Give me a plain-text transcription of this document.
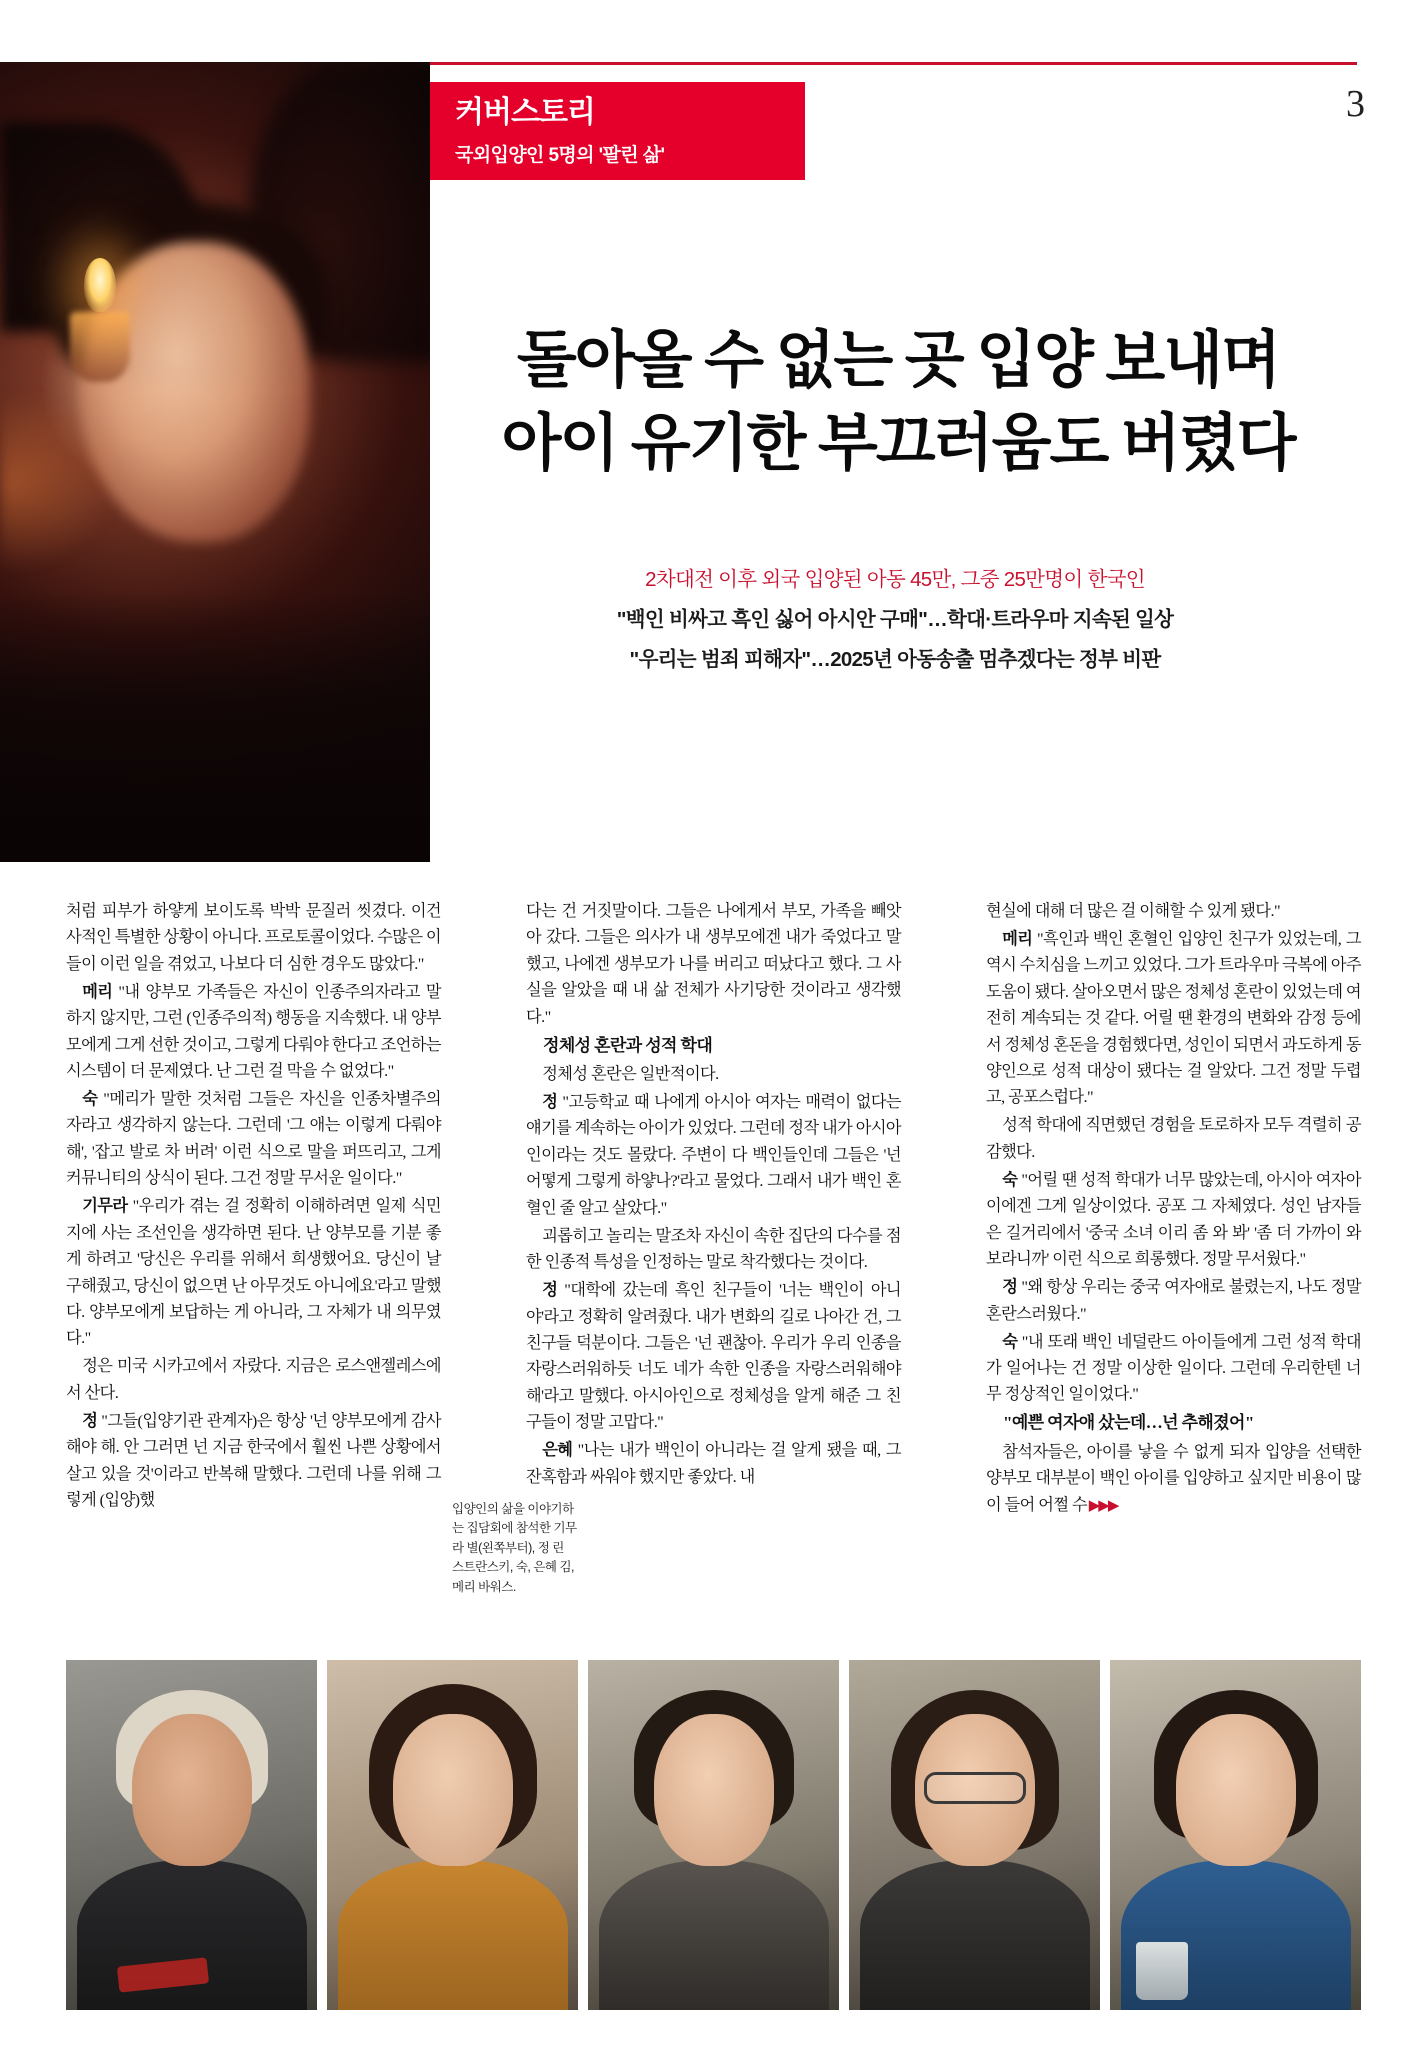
커버스토리
국외입양인 5명의 '팔린 삶'
3
돌아올 수 없는 곳 입양 보내며
아이 유기한 부끄러움도 버렸다
2차대전 이후 외국 입양된 아동 45만, 그중 25만명이 한국인
"백인 비싸고 흑인 싫어 아시안 구매"…학대·트라우마 지속된 일상
"우리는 범죄 피해자"…2025년 아동송출 멈추겠다는 정부 비판

처럼 피부가 하얗게 보이도록 박박 문질러 씻겼다. 이건 사적인 특별한 상황이 아니다. 프로토콜이었다. 수많은 이들이 이런 일을 겪었고, 나보다 더 심한 경우도 많았다."

메리 "내 양부모 가족들은 자신이 인종주의자라고 말하지 않지만, 그런 (인종주의적) 행동을 지속했다. 내 양부모에게 그게 선한 것이고, 그렇게 다뤄야 한다고 조언하는 시스템이 더 문제였다. 난 그런 걸 막을 수 없었다."

숙 "메리가 말한 것처럼 그들은 자신을 인종차별주의자라고 생각하지 않는다. 그런데 '그 애는 이렇게 다뤄야 해', '잡고 발로 차 버려' 이런 식으로 말을 퍼뜨리고, 그게 커뮤니티의 상식이 된다. 그건 정말 무서운 일이다."

기무라 "우리가 겪는 걸 정확히 이해하려면 일제 식민지에 사는 조선인을 생각하면 된다. 난 양부모를 기분 좋게 하려고 '당신은 우리를 위해서 희생했어요. 당신이 날 구해줬고, 당신이 없으면 난 아무것도 아니에요'라고 말했다. 양부모에게 보답하는 게 아니라, 그 자체가 내 의무였다."

정은 미국 시카고에서 자랐다. 지금은 로스앤젤레스에서 산다.

정 "그들(입양기관 관계자)은 항상 '넌 양부모에게 감사해야 해. 안 그러면 넌 지금 한국에서 훨씬 나쁜 상황에서 살고 있을 것'이라고 반복해 말했다. 그런데 나를 위해 그렇게 (입양)했

다는 건 거짓말이다. 그들은 나에게서 부모, 가족을 빼앗아 갔다. 그들은 의사가 내 생부모에겐 내가 죽었다고 말했고, 나에겐 생부모가 나를 버리고 떠났다고 했다. 그 사실을 알았을 때 내 삶 전체가 사기당한 것이라고 생각했다."

정체성 혼란과 성적 학대

정체성 혼란은 일반적이다.

정 "고등학교 때 나에게 아시아 여자는 매력이 없다는 얘기를 계속하는 아이가 있었다. 그런데 정작 내가 아시아인이라는 것도 몰랐다. 주변이 다 백인들인데 그들은 '넌 어떻게 그렇게 하얗나?'라고 물었다. 그래서 내가 백인 혼혈인 줄 알고 살았다."

괴롭히고 놀리는 말조차 자신이 속한 집단의 다수를 점한 인종적 특성을 인정하는 말로 착각했다는 것이다.

정 "대학에 갔는데 흑인 친구들이 '너는 백인이 아니야'라고 정확히 알려줬다. 내가 변화의 길로 나아간 건, 그 친구들 덕분이다. 그들은 '넌 괜찮아. 우리가 우리 인종을 자랑스러워하듯 너도 네가 속한 인종을 자랑스러워해야 해'라고 말했다. 아시아인으로 정체성을 알게 해준 그 친구들이 정말 고맙다."

은혜 "나는 내가 백인이 아니라는 걸 알게 됐을 때, 그 잔혹함과 싸워야 했지만 좋았다. 내

현실에 대해 더 많은 걸 이해할 수 있게 됐다."

메리 "흑인과 백인 혼혈인 입양인 친구가 있었는데, 그 역시 수치심을 느끼고 있었다. 그가 트라우마 극복에 아주 도움이 됐다. 살아오면서 많은 정체성 혼란이 있었는데 여전히 계속되는 것 같다. 어릴 땐 환경의 변화와 감정 등에서 정체성 혼돈을 경험했다면, 성인이 되면서 과도하게 동양인으로 성적 대상이 됐다는 걸 알았다. 그건 정말 두렵고, 공포스럽다."

성적 학대에 직면했던 경험을 토로하자 모두 격렬히 공감했다.

숙 "어릴 땐 성적 학대가 너무 많았는데, 아시아 여자아이에겐 그게 일상이었다. 공포 그 자체였다. 성인 남자들은 길거리에서 '중국 소녀 이리 좀 와 봐' '좀 더 가까이 와 보라니까' 이런 식으로 희롱했다. 정말 무서웠다."

정 "왜 항상 우리는 중국 여자애로 불렸는지, 나도 정말 혼란스러웠다."

숙 "내 또래 백인 네덜란드 아이들에게 그런 성적 학대가 일어나는 건 정말 이상한 일이다. 그런데 우리한텐 너무 정상적인 일이었다."

"예쁜 여자애 샀는데…넌 추해졌어"

참석자들은, 아이를 낳을 수 없게 되자 입양을 선택한 양부모 대부분이 백인 아이를 입양하고 싶지만 비용이 많이 들어 어쩔 수 ▶▶▶

입양인의 삶을 이야기하는 집담회에 참석한 기무라 별(왼쪽부터), 정 린 스트란스키, 숙, 은혜 김, 메리 바워스.
